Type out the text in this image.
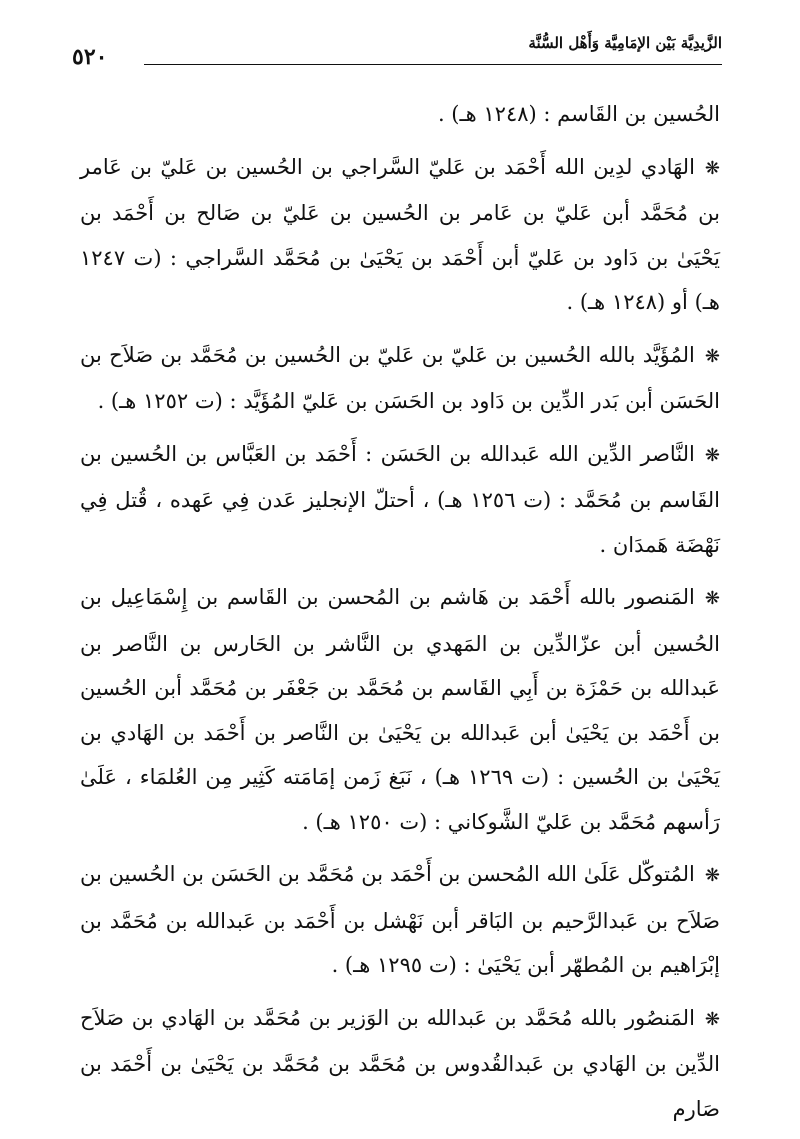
الزَّيدِيَّة بَيْن الإمَامِيَّة وَأَهْل السُّنَّة
٥٢٠

الحُسين بن القَاسم : (١٢٤٨ هـ) .

❋الهَادي لدِين الله أَحْمَد بن عَليّ السَّراجي بن الحُسين بن عَليّ بن عَامر بن مُحَمَّد أبن عَليّ بن عَامر بن الحُسين بن عَليّ بن صَالح بن أَحْمَد بن يَحْيَىٰ بن دَاود بن عَليّ أبن أَحْمَد بن يَحْيَىٰ بن مُحَمَّد السَّراجي : (ت ١٢٤٧ هـ) أو (١٢٤٨ هـ) .

❋المُؤَيَّد بالله الحُسين بن عَليّ بن عَليّ بن الحُسين بن مُحَمَّد بن صَلاَح بن الحَسَن أبن بَدر الدِّين بن دَاود بن الحَسَن بن عَليّ المُؤَيَّد : (ت ١٢٥٢ هـ) .

❋النَّاصر الدِّين الله عَبدالله بن الحَسَن : أَحْمَد بن العَبَّاس بن الحُسين بن القَاسم بن مُحَمَّد : (ت ١٢٥٦ هـ) ، أحتلّ الإنجليز عَدن فِي عَهده ، قُتل فِي نَهْضَة هَمدَان .

❋المَنصور بالله أَحْمَد بن هَاشم بن المُحسن بن القَاسم بن إِسْمَاعِيل بن الحُسين أبن عزّالدِّين بن المَهدي بن النَّاشر بن الحَارس بن النَّاصر بن عَبدالله بن حَمْزَة بن أَبِي القَاسم بن مُحَمَّد بن جَعْفَر بن مُحَمَّد أبن الحُسين بن أَحْمَد بن يَحْيَىٰ أبن عَبدالله بن يَحْيَىٰ بن النَّاصر بن أَحْمَد بن الهَادي بن يَحْيَىٰ بن الحُسين : (ت ١٢٦٩ هـ) ، نَبَغ زَمن إمَامَته كَثِير مِن العُلمَاء ، عَلَىٰ رَأسهم مُحَمَّد بن عَليّ الشَّوكاني : (ت ١٢٥٠ هـ) .

❋المُتوكّل عَلَىٰ الله المُحسن بن أَحْمَد بن مُحَمَّد بن الحَسَن بن الحُسين بن صَلاَح بن عَبدالرَّحيم بن البَاقر أبن نَهْشل بن أَحْمَد بن عَبدالله بن مُحَمَّد بن إبْرَاهيم بن المُطهّر أبن يَحْيَىٰ : (ت ١٢٩٥ هـ) .

❋المَنصُور بالله مُحَمَّد بن عَبدالله بن الوَزير بن مُحَمَّد بن الهَادي بن صَلاَح الدِّين بن الهَادي بن عَبدالقُدوس بن مُحَمَّد بن مُحَمَّد بن يَحْيَىٰ بن أَحْمَد بن صَارم
